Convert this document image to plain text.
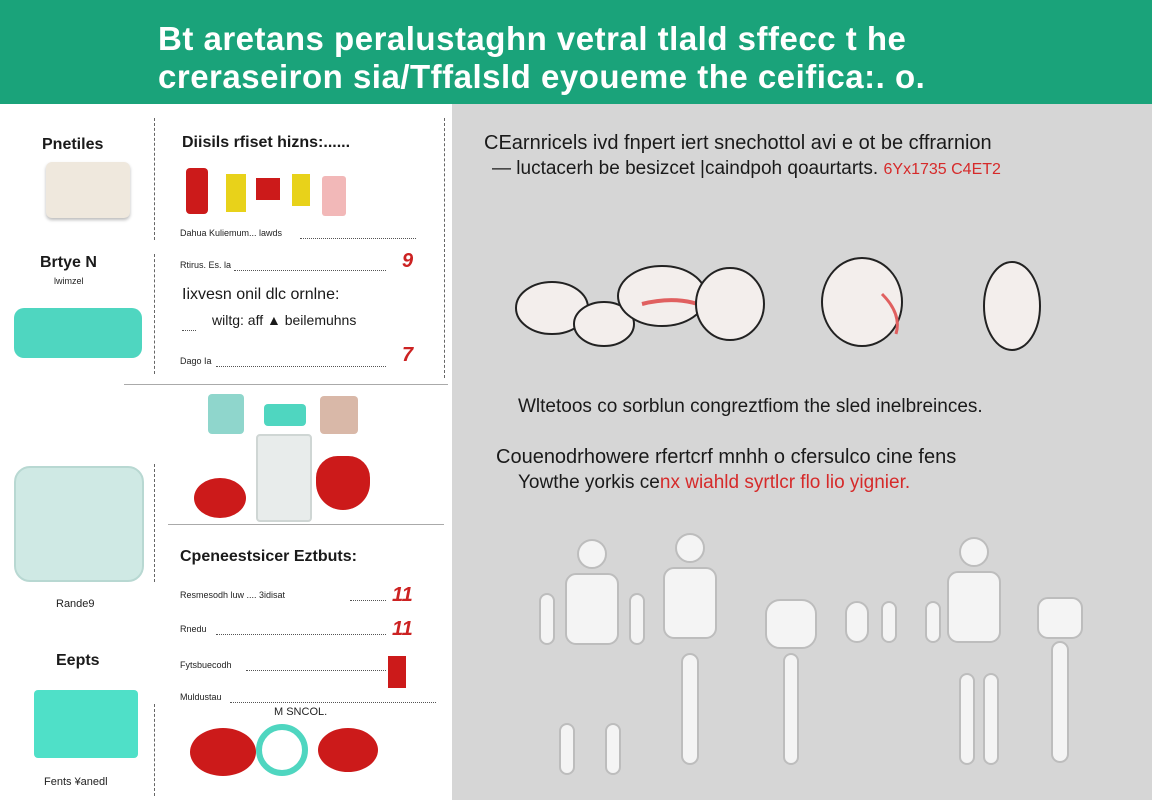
Bt aretans peralustaghn vetral tlald sffecc t he
creraseiron sia/Tffalsld eyoueme the ceifica:. o.
Pnetiles
Brtye N
lwimzel
Rande9
Eepts
Fents ¥anedl
Diisils rfiset hizns:......
Dahua Kuliemum... lawds
Rtirus. Es. la	9
Iixvesn onil dlc ornlne:
wiltg: aff ▲ beilemuhns
Dago Ia	7
Cpeneestsicer Eztbuts:
Resmesodh luw .... 3idisat	11
Rnedu	11
Fytsbuecodh
Muldustau
M SNCOL.
CEarnricels ivd fnpert iert snechottol avi e ot be cffrarnion
— luctacerh be besizcet |caindpoh qoaurtarts. 6Yx1735 C4ET2
Wltetoos co sorblun congreztfiom the sled inelbreinces.
Couenodrhowere rfertcrf mnhh o cfersulco cine fens
Yowthe yorkis cenx wiahld syrtlcr flo lio yignier.
